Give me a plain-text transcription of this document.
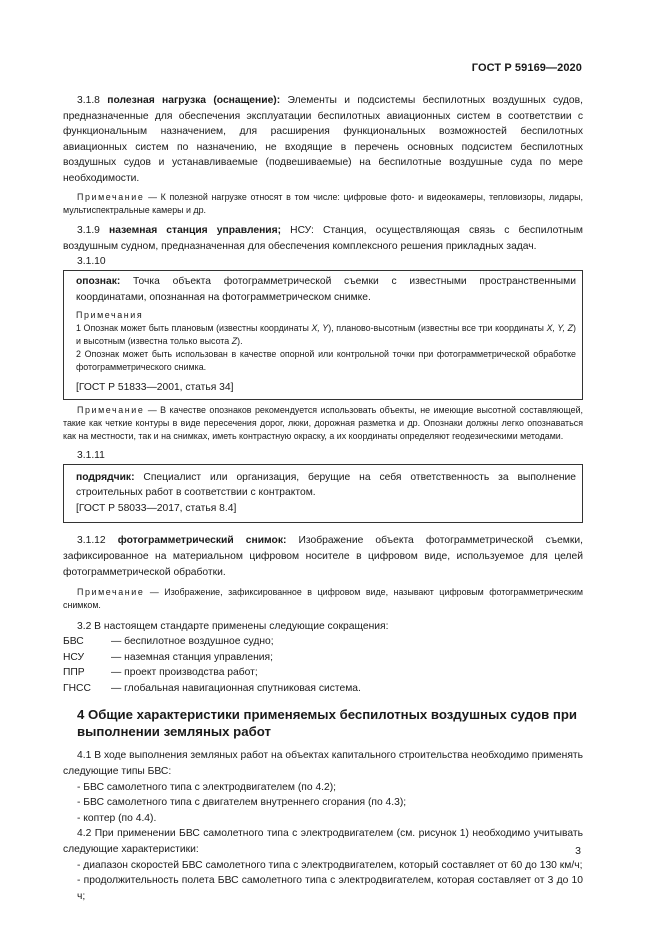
ГОСТ Р 59169—2020

3.1.8 полезная нагрузка (оснащение): Элементы и подсистемы беспилотных воздушных судов, предназначенные для обеспечения эксплуатации беспилотных авиационных систем в соответствии с функциональным назначением, для расширения функциональных возможностей беспилотных авиационных систем по назначению, не входящие в перечень основных подсистем беспилотных воздушных судов и устанавливаемые (подвешиваемые) на беспилотные воздушные суда по мере необходимости.

Примечание — К полезной нагрузке относят в том числе: цифровые фото- и видеокамеры, тепловизоры, лидары, мультиспектральные камеры и др.

3.1.9 наземная станция управления; НСУ: Станция, осуществляющая связь с беспилотным воздушным судном, предназначенная для обеспечения комплексного решения прикладных задач.

3.1.10

опознак: Точка объекта фотограмметрической съемки с известными пространственными координатами, опознанная на фотограмметрическом снимке.

Примечания

1 Опознак может быть плановым (известны координаты X, Y), планово-высотным (известны все три координаты X, Y, Z) и высотным (известна только высота Z).

2 Опознак может быть использован в качестве опорной или контрольной точки при фотограмметрической обработке фотограмметрического снимка.

[ГОСТ Р 51833—2001, статья 34]

Примечание — В качестве опознаков рекомендуется использовать объекты, не имеющие высотной составляющей, такие как четкие контуры в виде пересечения дорог, люки, дорожная разметка и др. Опознаки должны легко опознаваться как на местности, так и на снимках, иметь контрастную окраску, а их координаты определяют геодезическими методами.

3.1.11

подрядчик: Специалист или организация, берущие на себя ответственность за выполнение строительных работ в соответствии с контрактом.

[ГОСТ Р 58033—2017, статья 8.4]

3.1.12 фотограмметрический снимок: Изображение объекта фотограмметрической съемки, зафиксированное на материальном цифровом носителе в цифровом виде, используемое для целей фотограмметрической обработки.

Примечание — Изображение, зафиксированное в цифровом виде, называют цифровым фотограмметрическим снимком.

3.2 В настоящем стандарте применены следующие сокращения:

БВС	— беспилотное воздушное судно;
НСУ	— наземная станция управления;
ППР	— проект производства работ;
ГНСС	— глобальная навигационная спутниковая система.
4 Общие характеристики применяемых беспилотных воздушных судов при выполнении земляных работ

4.1 В ходе выполнения земляных работ на объектах капитального строительства необходимо применять следующие типы БВС:

- БВС самолетного типа с электродвигателем (по 4.2);
- БВС самолетного типа с двигателем внутреннего сгорания (по 4.3);
- коптер (по 4.4).

4.2 При применении БВС самолетного типа с электродвигателем (см. рисунок 1) необходимо учитывать следующие характеристики:

- диапазон скоростей БВС самолетного типа с электродвигателем, который составляет от 60 до 130 км/ч;
- продолжительность полета БВС самолетного типа с электродвигателем, которая составляет от 3 до 10 ч;
3
